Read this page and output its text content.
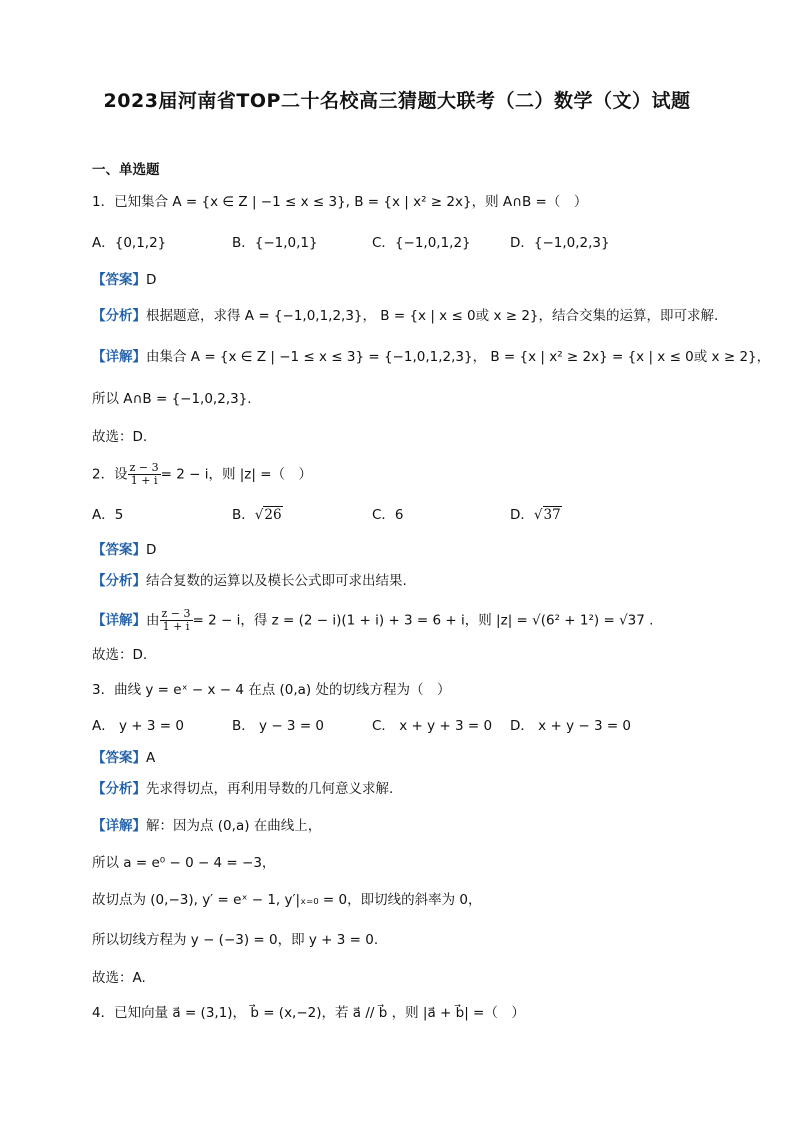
2023届河南省TOP二十名校高三猜题大联考（二）数学（文）试题
一、单选题
1．已知集合 A = {x ∈ Z | −1 ≤ x ≤ 3}, B = {x | x² ≥ 2x}，则 A∩B =（　）
A．{0,1,2}	B．{−1,0,1}	C．{−1,0,1,2}	D．{−1,0,2,3}
【答案】D
【分析】根据题意，求得 A = {−1,0,1,2,3}， B = {x | x ≤ 0或 x ≥ 2}，结合交集的运算，即可求解.
【详解】由集合 A = {x ∈ Z | −1 ≤ x ≤ 3} = {−1,0,1,2,3}， B = {x | x² ≥ 2x} = {x | x ≤ 0或 x ≥ 2}，
所以 A∩B = {−1,0,2,3}.
故选：D.
2．设 $\frac{z - 3}{1 + i} = 2 - i$，则 |z| =（　）
A．5	B．√26	C．6	D．√37
【答案】D
【分析】结合复数的运算以及模长公式即可求出结果.
【详解】由 $\frac{z - 3}{1 + i} = 2 - i$，得 z = (2 − i)(1 + i) + 3 = 6 + i，则 |z| = √(6² + 1²) = √37 .
故选：D.
3．曲线 y = eˣ − x − 4 在点 (0,a) 处的切线方程为（　）
A． y + 3 = 0	B． y − 3 = 0	C． x + y + 3 = 0 D． x + y − 3 = 0
【答案】A
【分析】先求得切点，再利用导数的几何意义求解.
【详解】解：因为点 (0,a) 在曲线上，
所以 a = e⁰ − 0 − 4 = −3，
故切点为 (0,−3), y′ = eˣ − 1, y′|ₓ₌₀ = 0，即切线的斜率为 0，
所以切线方程为 y − (−3) = 0，即 y + 3 = 0.
故选：A.
4．已知向量 a⃗ = (3,1)， b⃗ = (x,−2)，若 a⃗ // b⃗ ，则 |a⃗ + b⃗| =（　）
